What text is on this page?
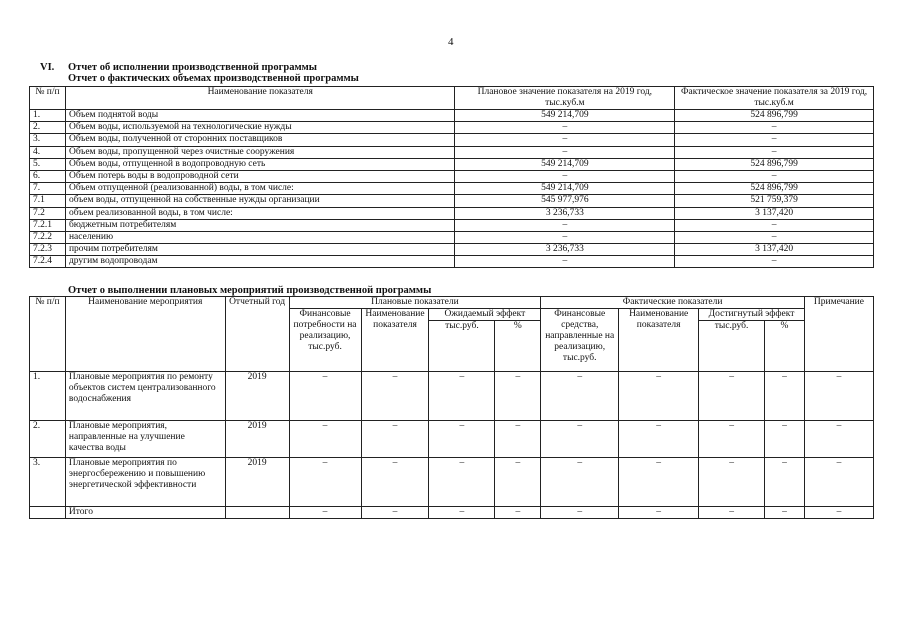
4
VI. Отчет об исполнении производственной программы
Отчет о фактических объемах производственной программы
№ п/п	Наименование показателя	Плановое значение показателя на 2019 год, тыс.куб.м	Фактическое значение показателя за 2019 год, тыс.куб.м
1.	Объем поднятой воды	549 214,709	524 896,799
2.	Объем воды, используемой на технологические нужды	–	–
3.	Объем воды, полученной от сторонних поставщиков	–	–
4.	Объем воды, пропущенной через очистные сооружения	–	–
5.	Объем воды, отпущенной в водопроводную сеть	549 214,709	524 896,799
6.	Объем потерь воды в водопроводной сети	–	–
7.	Объем отпущенной (реализованной) воды, в том числе:	549 214,709	524 896,799
7.1	объем воды, отпущенной на собственные нужды организации	545 977,976	521 759,379
7.2	объем реализованной воды, в том числе:	3 236,733	3 137,420
7.2.1	бюджетным потребителям	–	–
7.2.2	населению	–	–
7.2.3	прочим потребителям	3 236,733	3 137,420
7.2.4	другим водопроводам	–	–
Отчет о выполнении плановых мероприятий производственной программы
№ п/п	Наименование мероприятия	Отчетный год	Плановые показатели				Фактические показатели				Примечание
			Финансовые потребности на реализацию, тыс.руб.	Наименование показателя	Ожидаемый эффект		Финансовые средства, направленные на реализацию, тыс.руб.	Наименование показателя	Достигнутый эффект		
					тыс.руб.	%			тыс.руб.	%	
1.	Плановые мероприятия по ремонту объектов систем централизованного водоснабжения	2019	–	–	–	–	–	–	–	–	–
2.	Плановые мероприятия, направленные на улучшение качества воды	2019	–	–	–	–	–	–	–	–	–
3.	Плановые мероприятия по энергосбережению и повышению энергетической эффективности	2019	–	–	–	–	–	–	–	–	–
	Итого		–	–	–	–	–	–	–	–	–
